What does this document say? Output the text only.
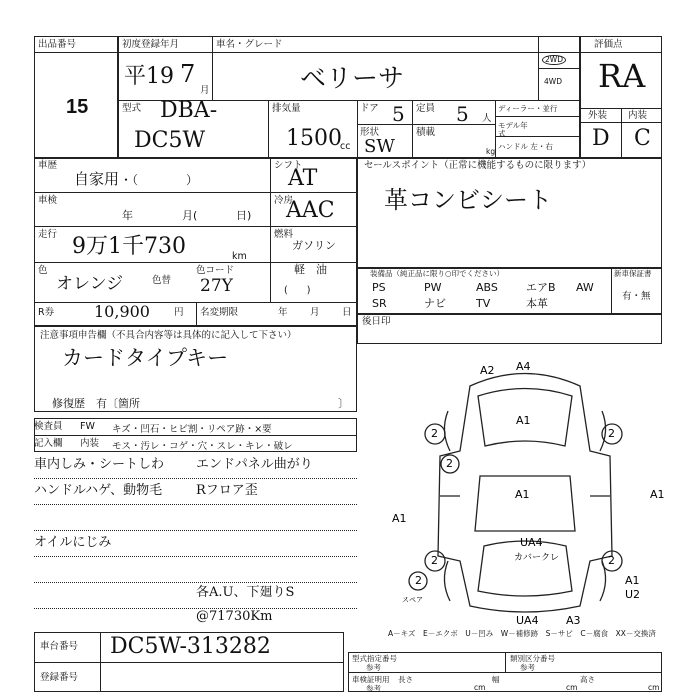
出品番号
15
初度登録年月
平19 7
月
車名・グレード
ベリーサ
2WD
4WD
型式 DBA-
DC5W
排気量
1500
cc
ドア 5 定員 5 人
形状
SW
積載
kg
ディーラー・並行
モデル年式
ハンドル 左・右
評価点
RA
外装 内装
D C
車歴
自家用 ・（　　　　）
シフト
AT
車検
年	月(	日)
冷房
AAC
走行 9万1千730	km
燃料
ガソリン
軽　油
(　　)
色
オレンジ	色替
色コード
27Y
R券 10,900	円 名変期限	年 月 日
セールスポイント（正常に機能するものに限ります）
革コンビシート
装備品（純正品に限り○印でください）	新車保証書
有・無
PS	PW	ABS	エアB AW
SR	ナビ	TV	本革
後日印
注意事項申告欄（不具合内容等は具体的に記入して下さい）
カードタイプキー
修復歴　有〔箇所	〕
検査員
記入欄
FW
内装
キズ・凹石・ヒビ割・リペア跡・×要
モス・汚レ・コゲ・穴・スレ・キレ・破レ
車内しみ・シートしわ
ハンドルハゲ、動物毛
オイルにじみ
エンドパネル曲がり
Rフロア歪
各A.U、下廻りS
@71730Km
A2 A4
A1
A1
A1
A1
UA4
カバークレ
A1
U2
UA4 A3
2	2
2	2
2
2
スペア
A－キズ　E－エクボ　U－凹み　W－補修跡　S－サビ　C－腐食　XX－交換済
車台番号 DC5W-313282
登録番号
型式指定番号
参考
類別区分番号
参考
車検証明用
参考
長さ
cm
幅
cm
高さ
cm
